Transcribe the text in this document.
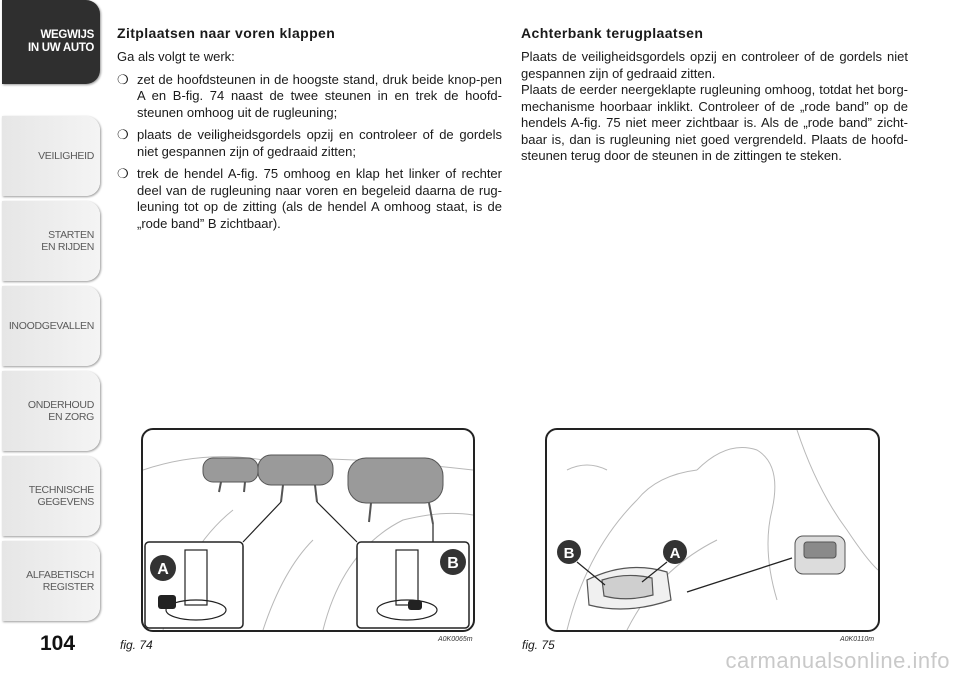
WEGWIJS
IN UW AUTO
VEILIGHEID
STARTEN
EN RIJDEN
INOODGEVALLEN
ONDERHOUD
EN ZORG
TECHNISCHE
GEGEVENS
ALFABETISCH
REGISTER
104
Zitplaatsen naar voren klappen

Ga als volgt te werk:

❍ zet de hoofdsteunen in de hoogste stand, druk beide knop-pen A en B-fig. 74 naast de twee steunen in en trek de hoofd-steunen omhoog uit de rugleuning;
❍ plaats de veiligheidsgordels opzij en controleer of de gordels niet gespannen zijn of gedraaid zitten;
❍ trek de hendel A-fig. 75 omhoog en klap het linker of rechter deel van de rugleuning naar voren en begeleid daarna de rug-leuning tot op de zitting (als de hendel A omhoog staat, is de „rode band” B zichtbaar).
Achterbank terugplaatsen

Plaats de veiligheidsgordels opzij en controleer of de gordels niet gespannen zijn of gedraaid zitten.

Plaats de eerder neergeklapte rugleuning omhoog, totdat het borg-mechanisme hoorbaar inklikt. Controleer of de „rode band” op de hendels A-fig. 75 niet meer zichtbaar is. Als de „rode band” zicht-baar is, dan is rugleuning niet goed vergrendeld. Plaats de hoofd-steunen terug door de steunen in de zittingen te steken.

A	B
fig. 74	A0K0065m
B	A
fig. 75	A0K0110m
carmanualsonline.info
